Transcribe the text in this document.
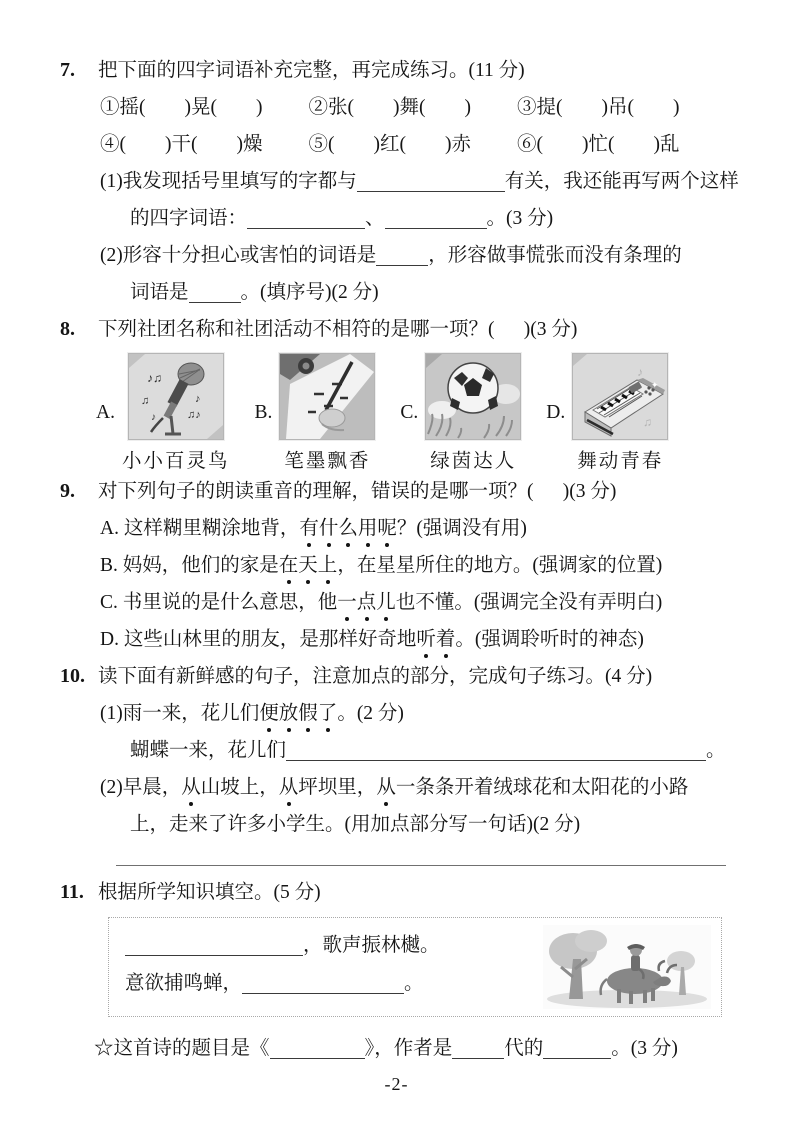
7. 把下面的四字词语补充完整，再完成练习。(11 分)
①摇(        )晃(        ) ②张(        )舞(        ) ③提(        )吊(        )
④(        )干(        )燥 ⑤(        )红(        )赤 ⑥(        )忙(        )乱
(1)我发现括号里填写的字都与	有关，我还能再写两个这样
的四字词语：	、	。(3 分)
(2)形容十分担心或害怕的词语是	，形容做事慌张而没有条理的
词语是	。(填序号)(2 分)
8. 下列社团名称和社团活动不相符的是哪一项？(      )(3 分)
A.
♪♫
♫
♪
♪
♫♪
小小百灵鸟
B.
笔墨飘香
C.
绿茵达人
D.
♪
♫
✦
舞动青春
9. 对下列句子的朗读重音的理解，错误的是哪一项？(      )(3 分)
A. 这样糊里糊涂地背，有什么用呢？(强调没有用)
B. 妈妈，他们的家是在天上，在星星所住的地方。(强调家的位置)
C. 书里说的是什么意思，他一点儿也不懂。(强调完全没有弄明白)
D. 这些山林里的朋友，是那样好奇地听着。(强调聆听时的神态)
10. 读下面有新鲜感的句子，注意加点的部分，完成句子练习。(4 分)
(1)雨一来，花儿们便放假了。(2 分)
蝴蝶一来，花儿们	。
(2)早晨，从山坡上，从坪坝里，从一条条开着绒球花和太阳花的小路
上，走来了许多小学生。(用加点部分写一句话)(2 分)
11. 根据所学知识填空。(5 分)
，歌声振林樾。
意欲捕鸣蝉，	。
☆这首诗的题目是《	》，作者是	代的	。(3 分)
-2-
